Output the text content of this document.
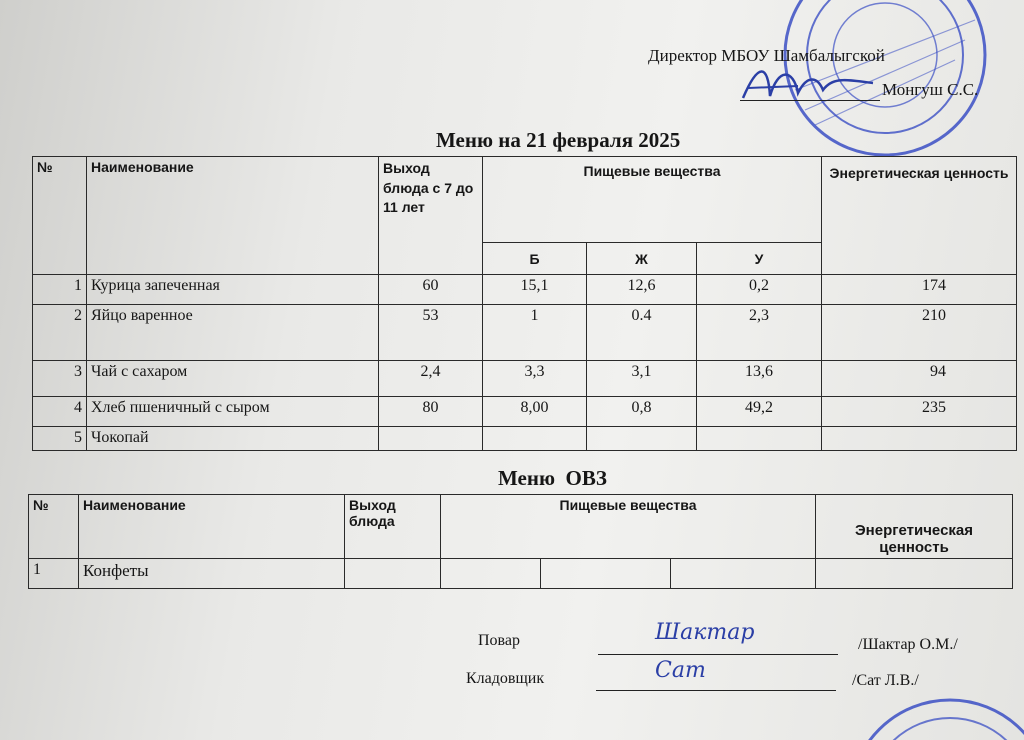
Директор МБОУ Шамбалыгской
Монгуш С.С.
Меню на 21 февраля 2025
№	Наименование	Выход блюда с 7 до 11 лет	Пищевые вещества			Энергетическая ценность
			Б	Ж	У	
1	Курица запеченная	60	15,1	12,6	0,2	174
2	Яйцо варенное	53	1	0.4	2,3	210
3	Чай с сахаром	2,4	3,3	3,1	13,6	94
4	Хлеб пшеничный с сыром	80	8,00	0,8	49,2	235
5	Чокопай					
Меню  ОВЗ
№	Наименование	Выход блюда	Пищевые вещества			Энергетическая ценность
1	Конфеты					
Повар	Шактар	/Шактар О.М./
Кладовщик	Сат	/Сат Л.В./
